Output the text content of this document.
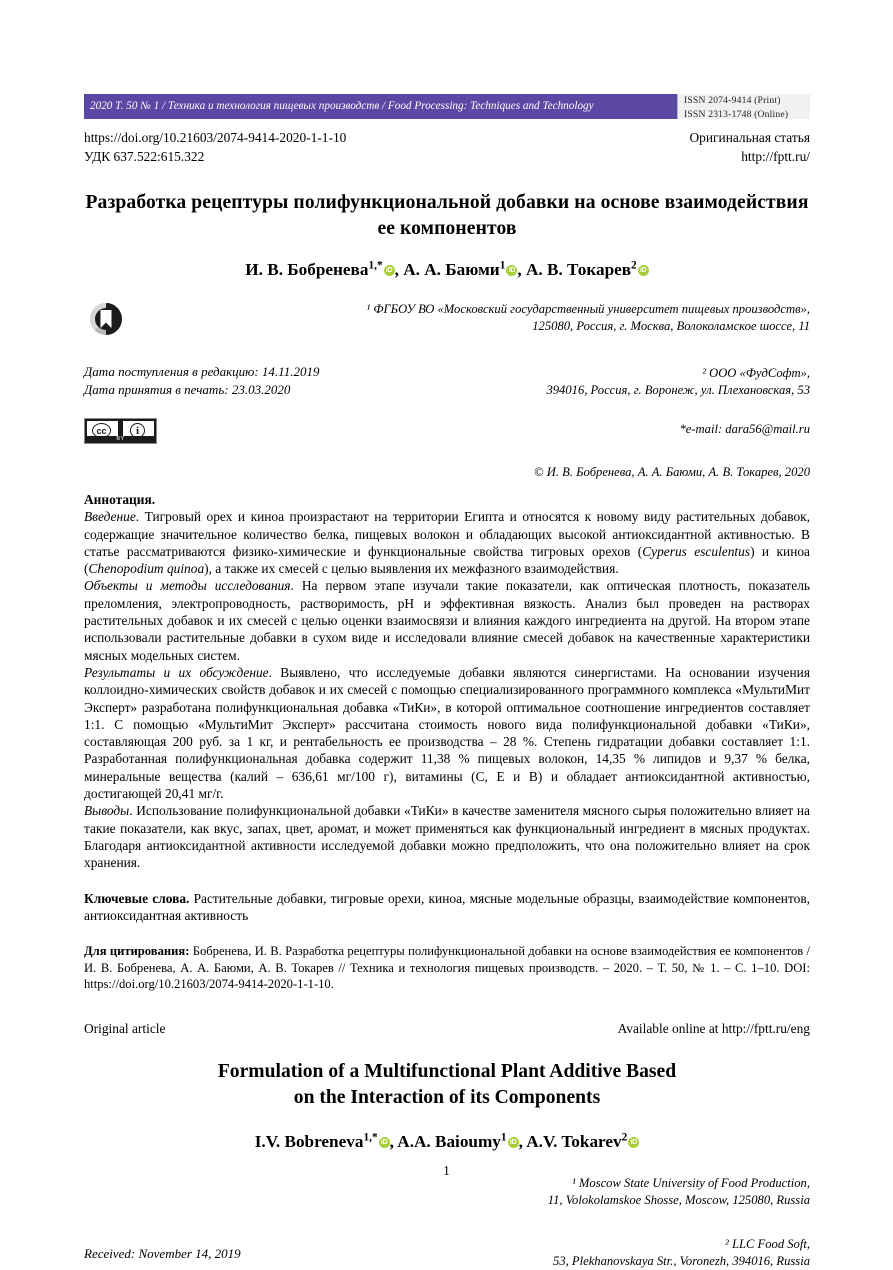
2020 Т. 50 № 1 / Техника и технология пищевых производств / Food Processing: Techniques and Technology	ISSN 2074-9414 (Print)
ISSN 2313-1748 (Online)
https://doi.org/10.21603/2074-9414-2020-1-1-10
УДК 637.522:615.322
Оригинальная статья
http://fptt.ru/
Разработка рецептуры полифункциональной добавки на основе взаимодействия ее компонентов
И. В. Бобренева$^{1,*}$ iD , А. А. Баюми$^1$ iD , А. В. Токарев$^2$iD
¹ ФГБОУ ВО «Московский государственный университет пищевых производств»,
125080, Россия, г. Москва, Волоколамское шоссе, 11
² ООО «ФудСофт»,
394016, Россия, г. Воронеж, ул. Плехановская, 53
*e-mail: dara56@mail.ru
© И. В. Бобренева, А. А. Баюми, А. В. Токарев, 2020
Дата поступления в редакцию: 14.11.2019
Дата принятия в печать: 23.03.2020
cc	i
BY

Аннотация.

Введение. Тигровый орех и киноа произрастают на территории Египта и относятся к новому виду растительных добавок, содержащие значительное количество белка, пищевых волокон и обладающих высокой антиоксидантной активностью. В статье рассматриваются физико-химические и функциональные свойства тигровых орехов (Cyperus esculentus) и киноа (Chenopodium quinoa), а также их смесей с целью выявления их межфазного взаимодействия.

Объекты и методы исследования. На первом этапе изучали такие показатели, как оптическая плотность, показатель преломления, электропроводность, растворимость, pH и эффективная вязкость. Анализ был проведен на растворах растительных добавок и их смесей с целью оценки взаимосвязи и влияния каждого ингредиента на другой. На втором этапе использовали растительные добавки в сухом виде и исследовали влияние смесей добавок на качественные характеристики мясных модельных систем.

Результаты и их обсуждение. Выявлено, что исследуемые добавки являются синергистами. На основании изучения коллоидно-химических свойств добавок и их смесей с помощью специализированного программного комплекса «МультиМит Эксперт» разработана полифункциональная добавка «ТиКи», в которой оптимальное соотношение ингредиентов составляет 1:1. С помощью «МультиМит Эксперт» рассчитана стоимость нового вида полифункциональной добавки «ТиКи», составляющая 200 руб. за 1 кг, и рентабельность ее производства – 28 %. Степень гидратации добавки составляет 1:1. Разработанная полифункциональная добавка содержит 11,38 % пищевых волокон, 14,35 % липидов и 9,37 % белка, минеральные вещества (калий – 636,61 мг/100 г), витамины (С, Е и В) и обладает антиоксидантной активностью, достигающей 20,41 мг/г.

Выводы. Использование полифункциональной добавки «ТиКи» в качестве заменителя мясного сырья положительно влияет на такие показатели, как вкус, запах, цвет, аромат, и может применяться как функциональный ингредиент в мясных продуктах. Благодаря антиоксидантной активности исследуемой добавки можно предположить, что она положительно влияет на срок хранения.

Ключевые слова. Растительные добавки, тигровые орехи, киноа, мясные модельные образцы, взаимодействие компонентов, антиоксидантная активность
Для цитирования: Бобренева, И. В. Разработка рецептуры полифункциональной добавки на основе взаимодействия ее компонентов / И. В. Бобренева, А. А. Баюми, А. В. Токарев // Техника и технология пищевых производств. – 2020. – Т. 50, № 1. – С. 1–10. DOI: https://doi.org/10.21603/2074-9414-2020-1-1-10.
Original article	Available online at http://fptt.ru/eng
Formulation of a Multifunctional Plant Additive Based
on the Interaction of its Components
I.V. Bobreneva$^{1,*}$ iD , A.A. Baioumy$^1$ iD , A.V. Tokarev$^2$iD
¹ Moscow State University of Food Production,
11, Volokolamskoe Shosse, Moscow, 125080, Russia
² LLC Food Soft,
53, Plekhanovskaya Str., Voronezh, 394016, Russia
Received: November 14, 2019
1
